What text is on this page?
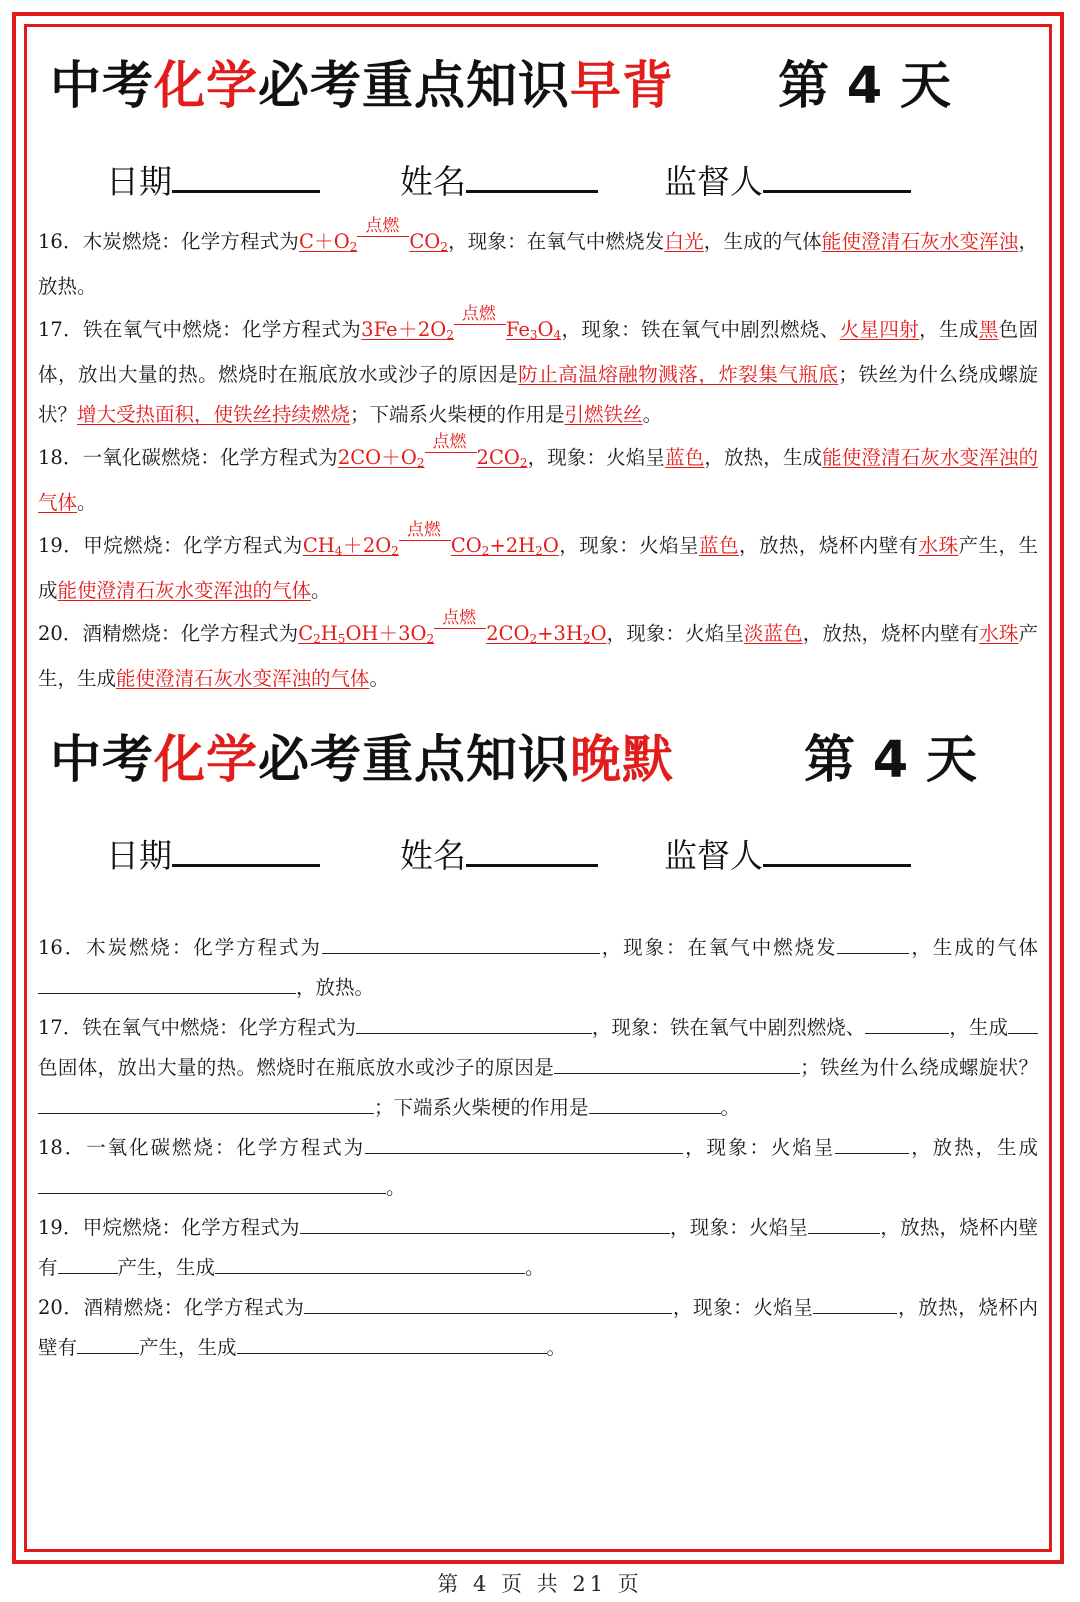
中考化学必考重点知识早背 第 4 天
日期	姓名	监督人
16．木炭燃烧：化学方程式为$C+O_2$
点燃
$CO_2$，现象：在氧气中燃烧发白光，生成的气体能使澄清石灰水变浑浊，放热。
17．铁在氧气中燃烧：化学方程式为$3Fe+2O_2$
点燃
$Fe_3O_4$，现象：铁在氧气中剧烈燃烧、火星四射，生成黑色固体，放出大量的热。燃烧时在瓶底放水或沙子的原因是防止高温熔融物溅落，炸裂集气瓶底；铁丝为什么绕成螺旋状？增大受热面积，使铁丝持续燃烧；下端系火柴梗的作用是引燃铁丝。
18．一氧化碳燃烧：化学方程式为$2CO+O_2$
点燃
$2CO_2$，现象：火焰呈蓝色，放热，生成能使澄清石灰水变浑浊的气体。
19．甲烷燃烧：化学方程式为$CH_4+2O_2$
点燃
$CO_2+2H_2O$，现象：火焰呈蓝色，放热，烧杯内壁有水珠产生，生成能使澄清石灰水变浑浊的气体。
20．酒精燃烧：化学方程式为$C_2H_5OH+3O_2$
点燃
$2CO_2+3H_2O$，现象：火焰呈淡蓝色，放热，烧杯内壁有水珠产生，生成能使澄清石灰水变浑浊的气体。
中考化学必考重点知识晚默	第 4 天
日期	姓名	监督人
16．木炭燃烧：化学方程式为	，现象：在氧气中燃烧发	，生成的气体，放热。
17．铁在氧气中燃烧：化学方程式为	，现象：铁在氧气中剧烈燃烧、	，生成色固体，放出大量的热。燃烧时在瓶底放水或沙子的原因是	；铁丝为什么绕成螺旋状？；下端系火柴梗的作用是	。
18．一氧化碳燃烧：化学方程式为	，现象：火焰呈	，放热，生成。
19．甲烷燃烧：化学方程式为	，现象：火焰呈	，放热，烧杯内壁有	产生，生成	。
20．酒精燃烧：化学方程式为	，现象：火焰呈	，放热，烧杯内壁有	产生，生成	。
第 4 页 共 21 页
